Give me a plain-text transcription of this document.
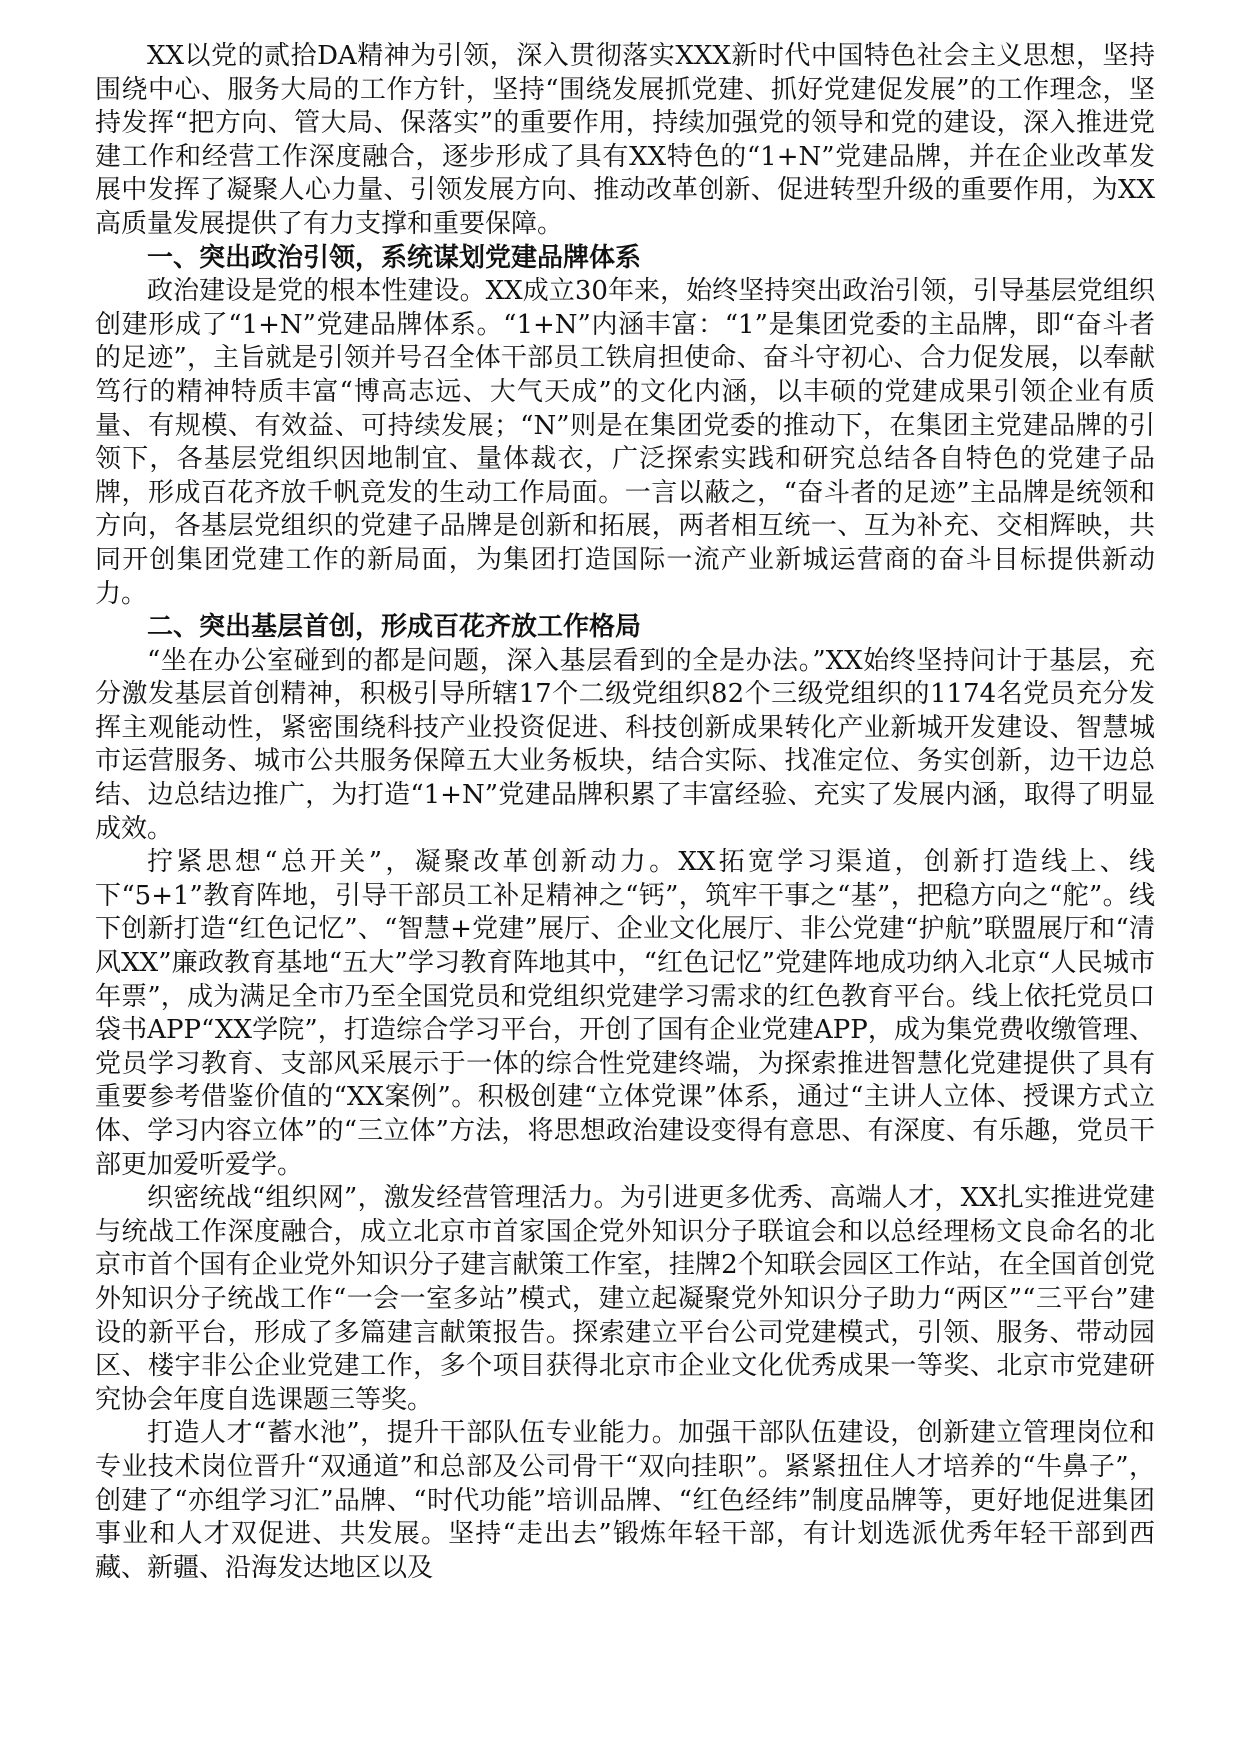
XX以党的贰拾DA精神为引领，深入贯彻落实XXX新时代中国特色社会主义思想，坚持围绕中心、服务大局的工作方针，坚持“围绕发展抓党建、抓好党建促发展”的工作理念，坚持发挥“把方向、管大局、保落实”的重要作用，持续加强党的领导和党的建设，深入推进党建工作和经营工作深度融合，逐步形成了具有XX特色的“1+N”党建品牌，并在企业改革发展中发挥了凝聚人心力量、引领发展方向、推动改革创新、促进转型升级的重要作用，为XX高质量发展提供了有力支撑和重要保障。

一、突出政治引领，系统谋划党建品牌体系

政治建设是党的根本性建设。XX成立30年来，始终坚持突出政治引领，引导基层党组织创建形成了“1+N”党建品牌体系。“1+N”内涵丰富：“1”是集团党委的主品牌，即“奋斗者的足迹”，主旨就是引领并号召全体干部员工铁肩担使命、奋斗守初心、合力促发展，以奉献笃行的精神特质丰富“博高志远、大气天成”的文化内涵，以丰硕的党建成果引领企业有质量、有规模、有效益、可持续发展；“N”则是在集团党委的推动下，在集团主党建品牌的引领下，各基层党组织因地制宜、量体裁衣，广泛探索实践和研究总结各自特色的党建子品牌，形成百花齐放千帆竞发的生动工作局面。一言以蔽之，“奋斗者的足迹”主品牌是统领和方向，各基层党组织的党建子品牌是创新和拓展，两者相互统一、互为补充、交相辉映，共同开创集团党建工作的新局面，为集团打造国际一流产业新城运营商的奋斗目标提供新动力。

二、突出基层首创，形成百花齐放工作格局

“坐在办公室碰到的都是问题，深入基层看到的全是办法。”XX始终坚持问计于基层，充分激发基层首创精神，积极引导所辖17个二级党组织82个三级党组织的1174名党员充分发挥主观能动性，紧密围绕科技产业投资促进、科技创新成果转化产业新城开发建设、智慧城市运营服务、城市公共服务保障五大业务板块，结合实际、找准定位、务实创新，边干边总结、边总结边推广，为打造“1+N”党建品牌积累了丰富经验、充实了发展内涵，取得了明显成效。

拧紧思想“总开关”，凝聚改革创新动力。XX拓宽学习渠道，创新打造线上、线下“5+1”教育阵地，引导干部员工补足精神之“钙”，筑牢干事之“基”，把稳方向之“舵”。线下创新打造“红色记忆”、“智慧+党建”展厅、企业文化展厅、非公党建“护航”联盟展厅和“清风XX”廉政教育基地“五大”学习教育阵地其中，“红色记忆”党建阵地成功纳入北京“人民城市年票”，成为满足全市乃至全国党员和党组织党建学习需求的红色教育平台。线上依托党员口袋书APP“XX学院”，打造综合学习平台，开创了国有企业党建APP，成为集党费收缴管理、党员学习教育、支部风采展示于一体的综合性党建终端，为探索推进智慧化党建提供了具有重要参考借鉴价值的“XX案例”。积极创建“立体党课”体系，通过“主讲人立体、授课方式立体、学习内容立体”的“三立体”方法，将思想政治建设变得有意思、有深度、有乐趣，党员干部更加爱听爱学。

织密统战“组织网”，激发经营管理活力。为引进更多优秀、高端人才，XX扎实推进党建与统战工作深度融合，成立北京市首家国企党外知识分子联谊会和以总经理杨文良命名的北京市首个国有企业党外知识分子建言献策工作室，挂牌2个知联会园区工作站，在全国首创党外知识分子统战工作“一会一室多站”模式，建立起凝聚党外知识分子助力“两区”“三平台”建设的新平台，形成了多篇建言献策报告。探索建立平台公司党建模式，引领、服务、带动园区、楼宇非公企业党建工作，多个项目获得北京市企业文化优秀成果一等奖、北京市党建研究协会年度自选课题三等奖。

打造人才“蓄水池”，提升干部队伍专业能力。加强干部队伍建设，创新建立管理岗位和专业技术岗位晋升“双通道”和总部及公司骨干“双向挂职”。紧紧扭住人才培养的“牛鼻子”，创建了“亦组学习汇”品牌、“时代功能”培训品牌、“红色经纬”制度品牌等，更好地促进集团事业和人才双促进、共发展。坚持“走出去”锻炼年轻干部，有计划选派优秀年轻干部到西藏、新疆、沿海发达地区以及
